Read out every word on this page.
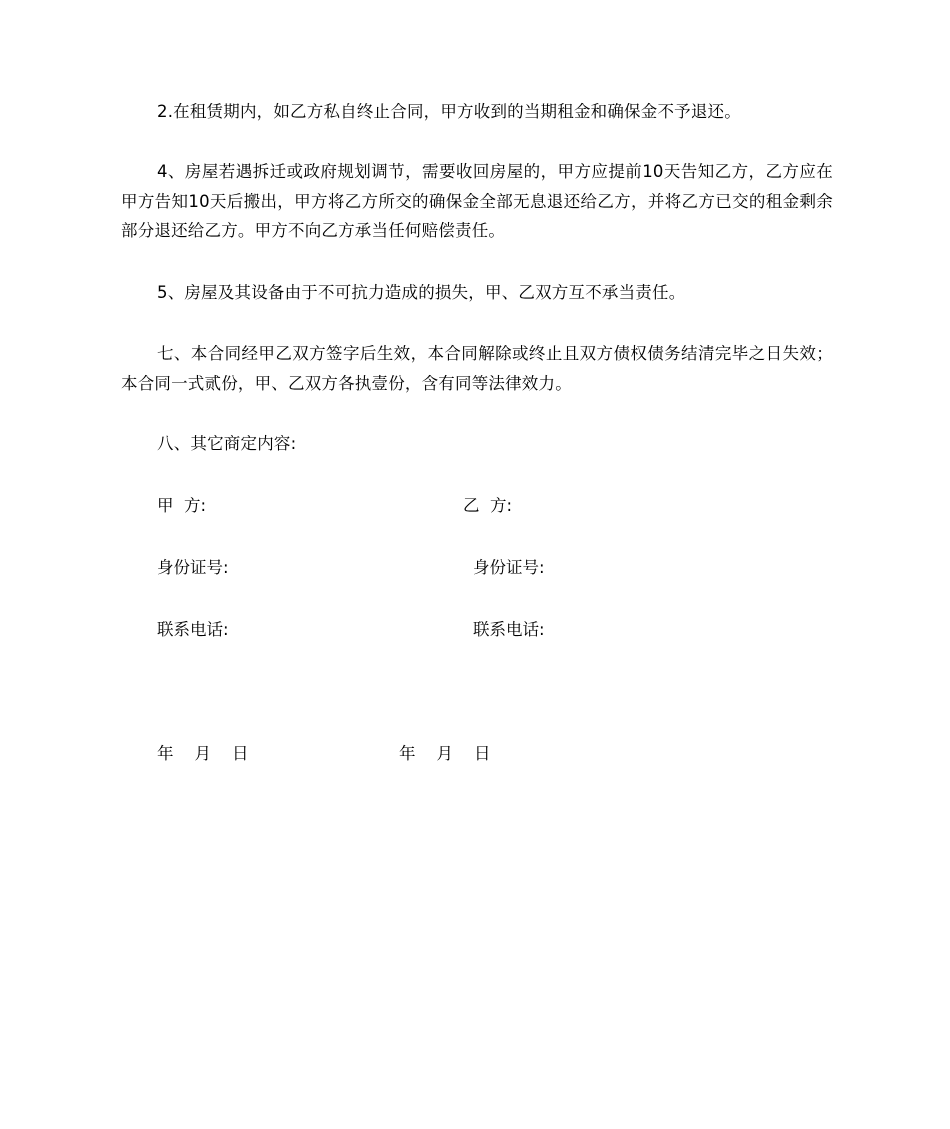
2.在租赁期内，如乙方私自终止合同，甲方收到的当期租金和确保金不予退还。

4、房屋若遇拆迁或政府规划调节，需要收回房屋的，甲方应提前10天告知乙方，乙方应在甲方告知10天后搬出，甲方将乙方所交的确保金全部无息退还给乙方，并将乙方已交的租金剩余部分退还给乙方。甲方不向乙方承当任何赔偿责任。

5、房屋及其设备由于不可抗力造成的损失，甲、乙双方互不承当责任。

七、本合同经甲乙双方签字后生效，本合同解除或终止且双方债权债务结清完毕之日失效；本合同一式贰份，甲、乙双方各执壹份，含有同等法律效力。

八、其它商定内容:

甲  方:	乙  方:

身份证号:	身份证号:

联系电话:	联系电话:

年    月    日	年    月    日
